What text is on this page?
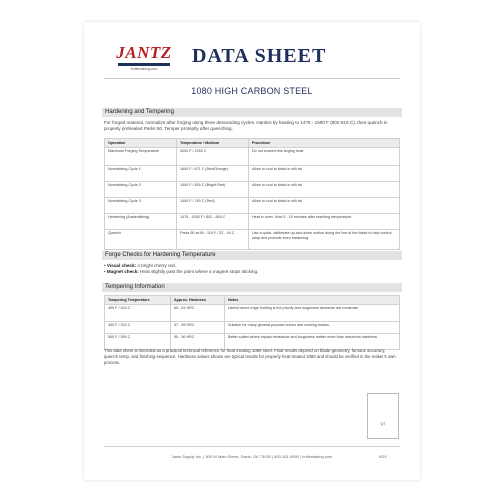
JANTZ
Knifemaking.com
DATA SHEET
1080 HIGH CARBON STEEL
Hardening and Tempering
For forged material, normalize after forging using three descending cycles. Harden by heating to 1475 - 1500 F (802-816 C), then quench in properly preheated Parks 50. Temper promptly after quenching.
Operation	Temperature / Medium	Procedure
Maximum Forging Temperature	2000 F / 1093 C	Do not exceed this forging heat.
Normalizing Cycle 1	1600 F / 871 C (Red/Orange)	Allow to cool to black in still air.
Normalizing Cycle 2	1500 F / 816 C (Bright Red)	Allow to cool to black in still air.
Normalizing Cycle 3	1400 F / 760 C (Red)	Allow to cool to black in still air.
Hardening (Austenitizing)	1475 - 1500 F / 802 - 816 C	Heat in oven. Hold 5 - 10 minutes after reaching temperature.
Quench	Parks 50 at 90 - 110 F / 32 - 44 C	Use a quick, deliberate up-and-down motion along the line of the blade to help control warp and promote even hardening.
Forge Checks for Hardening Temperature
• Visual check: A bright cherry red.
• Magnet check: Heat slightly past the point where a magnet stops sticking.
Tempering Information
Tempering Temperature	Approx. Hardness	Notes
400 F / 204 C	60 - 61 HRC	Useful where edge holding is the priority and toughness demands are moderate.
450 F / 232 C	57 - 59 HRC	Suitable for many general-purpose knives and working blades.
500 F / 260 C	55 - 56 HRC	Better suited where impact resistance and toughness matter more than maximum hardness.
This data sheet is intended as a practical technical reference for heat treating 1080 steel. Final results depend on blade geometry, furnace accuracy, quench temp, and finishing sequence. Hardness values shown are typical results for properly heat treated 1080 and should be verified in the maker's own process.
QT
BOX
Jantz Supply Inc. | 309 W Main Street, Davis, OK 73030 | 800-351-8900 | knifemaking.com
